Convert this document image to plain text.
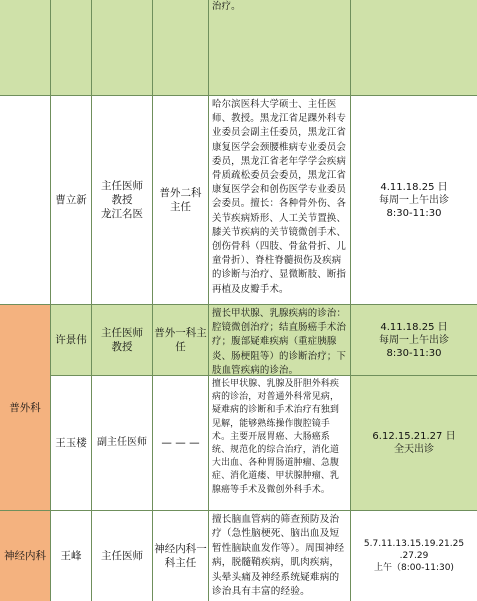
治疗。
普外科
神经内科
曹立新
主任医师
教授
龙江名医
普外二科
主任
哈尔滨医科大学硕士、主任医师、教授。黑龙江省足踝外科专业委员会副主任委员，黑龙江省康复医学会颈腰椎病专业委员会委员，黑龙江省老年学学会疾病骨质疏松委员会委员，黑龙江省康复医学会和创伤医学专业委员会委员。擅长：各种骨外伤、各关节疾病矫形、人工关节置换、膝关节疾病的关节镜微创手术、创伤骨科（四肢、骨盆骨折、儿童骨折）、脊柱脊髓损伤及疾病的诊断与治疗、显微断肢、断指再植及皮瓣手术。
4.11.18.25 日
每周一上午出诊
8:30-11:30
许景伟
主任医师
教授
普外一科主
任
擅长甲状腺、乳腺疾病的诊治：腔镜微创治疗；结直肠癌手术治疗；腹部疑难疾病（重症胰腺炎、肠梗阻等）的诊断治疗；下肢血管疾病的诊治。
4.11.18.25 日
每周一上午出诊
8:30-11:30
王玉楼 副主任医师 — — —
擅长甲状腺、乳腺及肝胆外科疾病的诊治，对普通外科常见病，疑难病的诊断和手术治疗有独到见解，能够熟练操作腹腔镜手术。主要开展胃癌、大肠癌系统、规范化的综合治疗，消化道大出血、各种胃肠道肿瘤、急腹症、消化道瘘、甲状腺肿瘤、乳腺癌等手术及微创外科手术。
6.12.15.21.27 日
全天出诊
王峰 主任医师
神经内科一
科主任
擅长脑血管病的筛查预防及治疗（急性脑梗死、脑出血及短暂性脑缺血发作等）。周围神经病，脱髓鞘疾病，肌肉疾病，头晕头痛及神经系统疑难病的诊治具有丰富的经验。
5.7.11.13.15.19.21.25
.27.29
上午（8:00-11:30)
